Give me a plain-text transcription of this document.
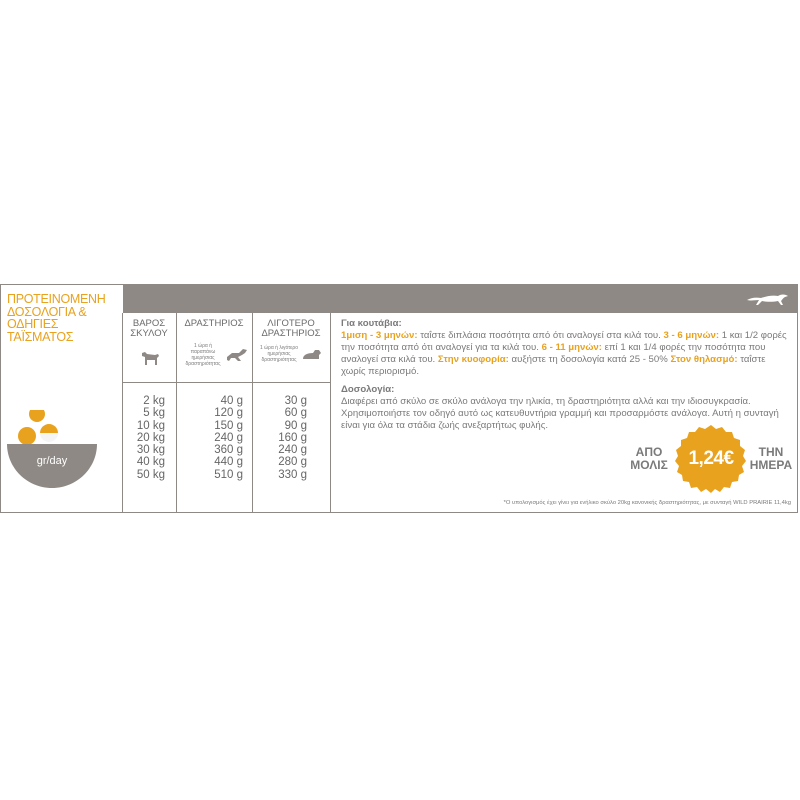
ΠΡΟΤΕΙΝΟΜΕΝΗ ΔΟΣΟΛΟΓΙΑ & ΟΔΗΓΙΕΣ ΤΑΪΣΜΑΤΟΣ
gr/day
ΒΑΡΟΣ ΣΚΥΛΟΥ
ΔΡΑΣΤΗΡΙΟΣ
1 ώρα ή παραπάνω ημερήσιας δραστηριότητας
ΛΙΓΟΤΕΡΟ ΔΡΑΣΤΗΡΙΟΣ
1 ώρα ή λιγότερο ημερήσιας δραστηριότητας
2 kg
5 kg
10 kg
20 kg
30 kg
40 kg
50 kg
40 g
120 g
150 g
240 g
360 g
440 g
510 g
30 g
60 g
90 g
160 g
240 g
280 g
330 g

Για κουτάβια:
1μιση - 3 μηνών: ταΐστε διπλάσια ποσότητα από ότι αναλογεί στα κιλά του. 3 - 6 μηνών: 1 και 1/2 φορές την ποσότητα από ότι αναλογεί για τα κιλά του. 6 - 11 μηνών: επί 1 και 1/4 φορές την ποσότητα που αναλογεί στα κιλά του. Στην κυοφορία: αυξήστε τη δοσολογία κατά 25 - 50% Στον θηλασμό: ταΐστε χωρίς περιορισμό.

Δοσολογία:
Διαφέρει από σκύλο σε σκύλο ανάλογα την ηλικία, τη δραστηριότητα αλλά και την ιδιοσυγκρασία. Χρησιμοποιήστε τον οδηγό αυτό ως κατευθυντήρια γραμμή και προσαρμόστε ανάλογα. Αυτή η συνταγή είναι για όλα τα στάδια ζωής ανεξαρτήτως φυλής.

ΑΠΟ
ΜΟΛΙΣ	1,24€	ΤΗΝ
ΗΜΕΡΑ
*Ο υπολογισμός έχει γίνει για ενήλικο σκύλο 20kg κανονικής δραστηριότητας, με συνταγή WILD PRAIRIE 11,4kg
